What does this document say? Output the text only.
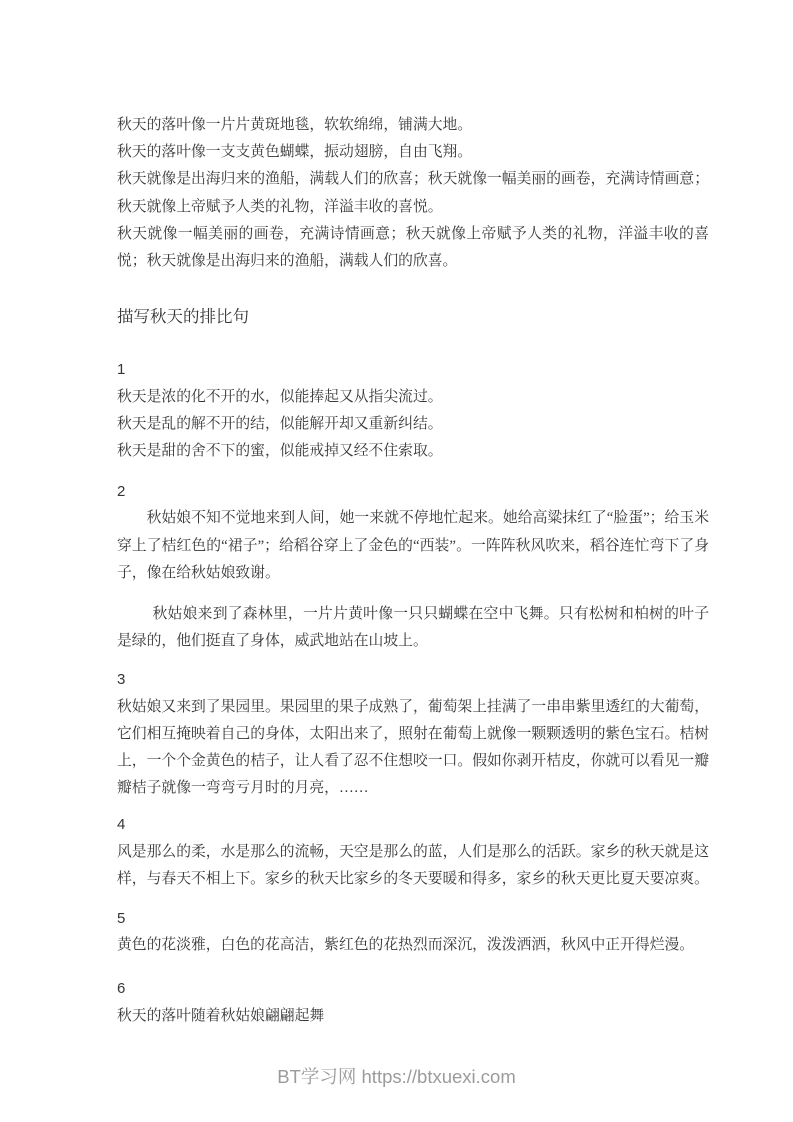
秋天的落叶像一片片黄斑地毯，软软绵绵，铺满大地。

秋天的落叶像一支支黄色蝴蝶，振动翅膀，自由飞翔。

秋天就像是出海归来的渔船，满载人们的欣喜；秋天就像一幅美丽的画卷，充满诗情画意；秋天就像上帝赋予人类的礼物，洋溢丰收的喜悦。

秋天就像一幅美丽的画卷，充满诗情画意；秋天就像上帝赋予人类的礼物，洋溢丰收的喜悦；秋天就像是出海归来的渔船，满载人们的欣喜。

描写秋天的排比句
1

秋天是浓的化不开的水，似能捧起又从指尖流过。

秋天是乱的解不开的结，似能解开却又重新纠结。

秋天是甜的舍不下的蜜，似能戒掉又经不住索取。

2

秋姑娘不知不觉地来到人间，她一来就不停地忙起来。她给高粱抹红了“脸蛋”；给玉米穿上了桔红色的“裙子”；给稻谷穿上了金色的“西装”。一阵阵秋风吹来，稻谷连忙弯下了身子，像在给秋姑娘致谢。

秋姑娘来到了森林里，一片片黄叶像一只只蝴蝶在空中飞舞。只有松树和柏树的叶子是绿的，他们挺直了身体，威武地站在山坡上。

3

秋姑娘又来到了果园里。果园里的果子成熟了，葡萄架上挂满了一串串紫里透红的大葡萄，它们相互掩映着自己的身体，太阳出来了，照射在葡萄上就像一颗颗透明的紫色宝石。桔树上，一个个金黄色的桔子，让人看了忍不住想咬一口。假如你剥开桔皮，你就可以看见一瓣瓣桔子就像一弯弯亏月时的月亮，……

4

风是那么的柔，水是那么的流畅，天空是那么的蓝，人们是那么的活跃。家乡的秋天就是这样，与春天不相上下。家乡的秋天比家乡的冬天要暖和得多，家乡的秋天更比夏天要凉爽。

5

黄色的花淡雅，白色的花高洁，紫红色的花热烈而深沉，泼泼洒洒，秋风中正开得烂漫。

6

秋天的落叶随着秋姑娘翩翩起舞

BT学习网 https://btxuexi.com
